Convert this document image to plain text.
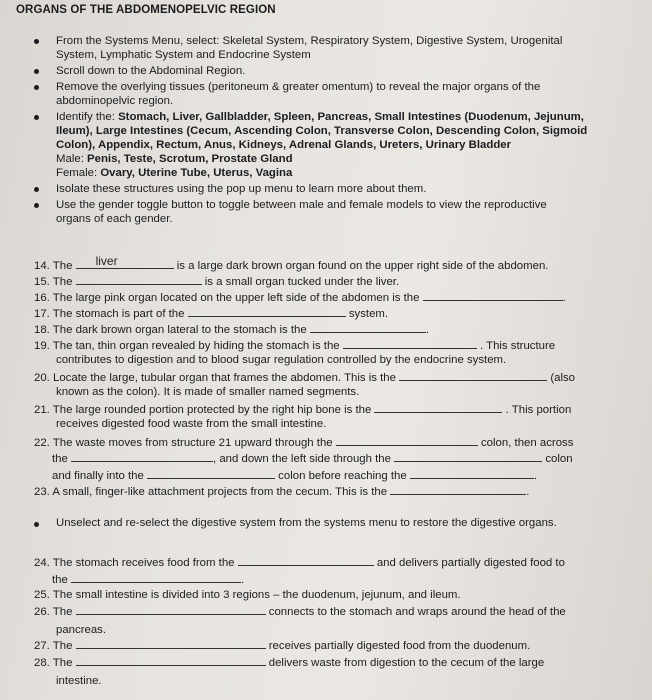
ORGANS OF THE ABDOMENOPELVIC REGION
From the Systems Menu, select: Skeletal System, Respiratory System, Digestive System, Urogenital
System, Lymphatic System and Endocrine System
Scroll down to the Abdominal Region.
Remove the overlying tissues (peritoneum & greater omentum) to reveal the major organs of the
abdominopelvic region.
Identify the: Stomach, Liver, Gallbladder, Spleen, Pancreas, Small Intestines (Duodenum, Jejunum,
Ileum), Large Intestines (Cecum, Ascending Colon, Transverse Colon, Descending Colon, Sigmoid
Colon), Appendix, Rectum, Anus, Kidneys, Adrenal Glands, Ureters, Urinary Bladder
Male: Penis, Teste, Scrotum, Prostate Gland
Female: Ovary, Uterine Tube, Uterus, Vagina
Isolate these structures using the pop up menu to learn more about them.
Use the gender toggle button to toggle between male and female models to view the reproductive
organs of each gender.
14. The liver	is a large dark brown organ found on the upper right side of the abdomen.
15. The	is a small organ tucked under the liver.
16. The large pink organ located on the upper left side of the abdomen is the	.
17. The stomach is part of the	system.
18. The dark brown organ lateral to the stomach is the	.
19. The tan, thin organ revealed by hiding the stomach is the	. This structure
contributes to digestion and to blood sugar regulation controlled by the endocrine system.
20. Locate the large, tubular organ that frames the abdomen. This is the	(also
known as the colon). It is made of smaller named segments.
21. The large rounded portion protected by the right hip bone is the	. This portion
receives digested food waste from the small intestine.
22. The waste moves from structure 21 upward through the	colon, then across
the	, and down the left side through the	colon
and finally into the	colon before reaching the	.
23. A small, finger-like attachment projects from the cecum. This is the	.
Unselect and re-select the digestive system from the systems menu to restore the digestive organs.
24. The stomach receives food from the	and delivers partially digested food to
the	.
25. The small intestine is divided into 3 regions – the duodenum, jejunum, and ileum.
26. The	connects to the stomach and wraps around the head of the
pancreas.
27. The	receives partially digested food from the duodenum.
28. The	delivers waste from digestion to the cecum of the large
intestine.
